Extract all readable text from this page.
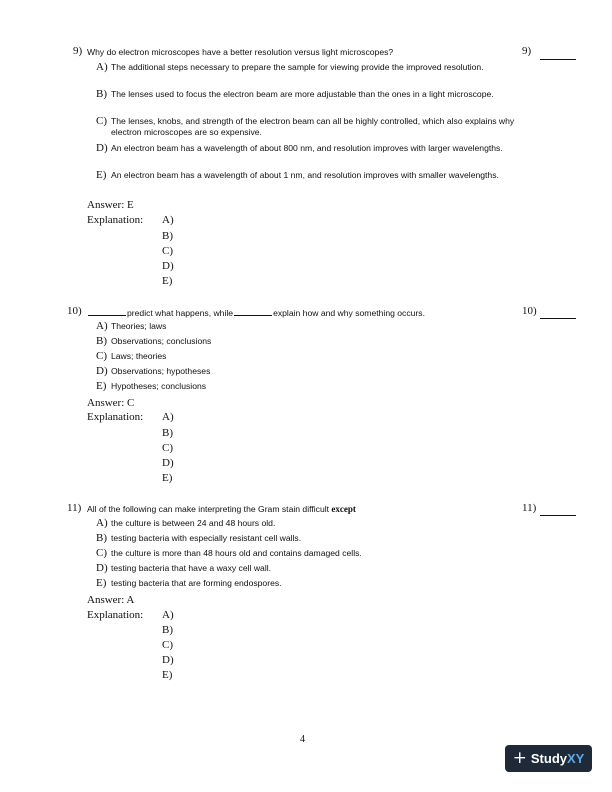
9) Why do electron microscopes have a better resolution versus light microscopes?
A) The additional steps necessary to prepare the sample for viewing provide the improved resolution.
B) The lenses used to focus the electron beam are more adjustable than the ones in a light microscope.
C) The lenses, knobs, and strength of the electron beam can all be highly controlled, which also explains why electron microscopes are so expensive.
D) An electron beam has a wavelength of about 800 nm, and resolution improves with larger wavelengths.
E) An electron beam has a wavelength of about 1 nm, and resolution improves with smaller wavelengths.
Answer: E
Explanation: A)
B)
C)
D)
E)
9)
10)	predict what happens, while	explain how and why something occurs.
A) Theories; laws
B) Observations; conclusions
C) Laws; theories
D) Observations; hypotheses
E) Hypotheses; conclusions
Answer: C
Explanation: A)
B)
C)
D)
E)
10)
11) All of the following can make interpreting the Gram stain difficult except
A) the culture is between 24 and 48 hours old.
B) testing bacteria with especially resistant cell walls.
C) the culture is more than 48 hours old and contains damaged cells.
D) testing bacteria that have a waxy cell wall.
E) testing bacteria that are forming endospores.
Answer: A
Explanation: A)
B)
C)
D)
E)
11)
4
+ StudyXY
